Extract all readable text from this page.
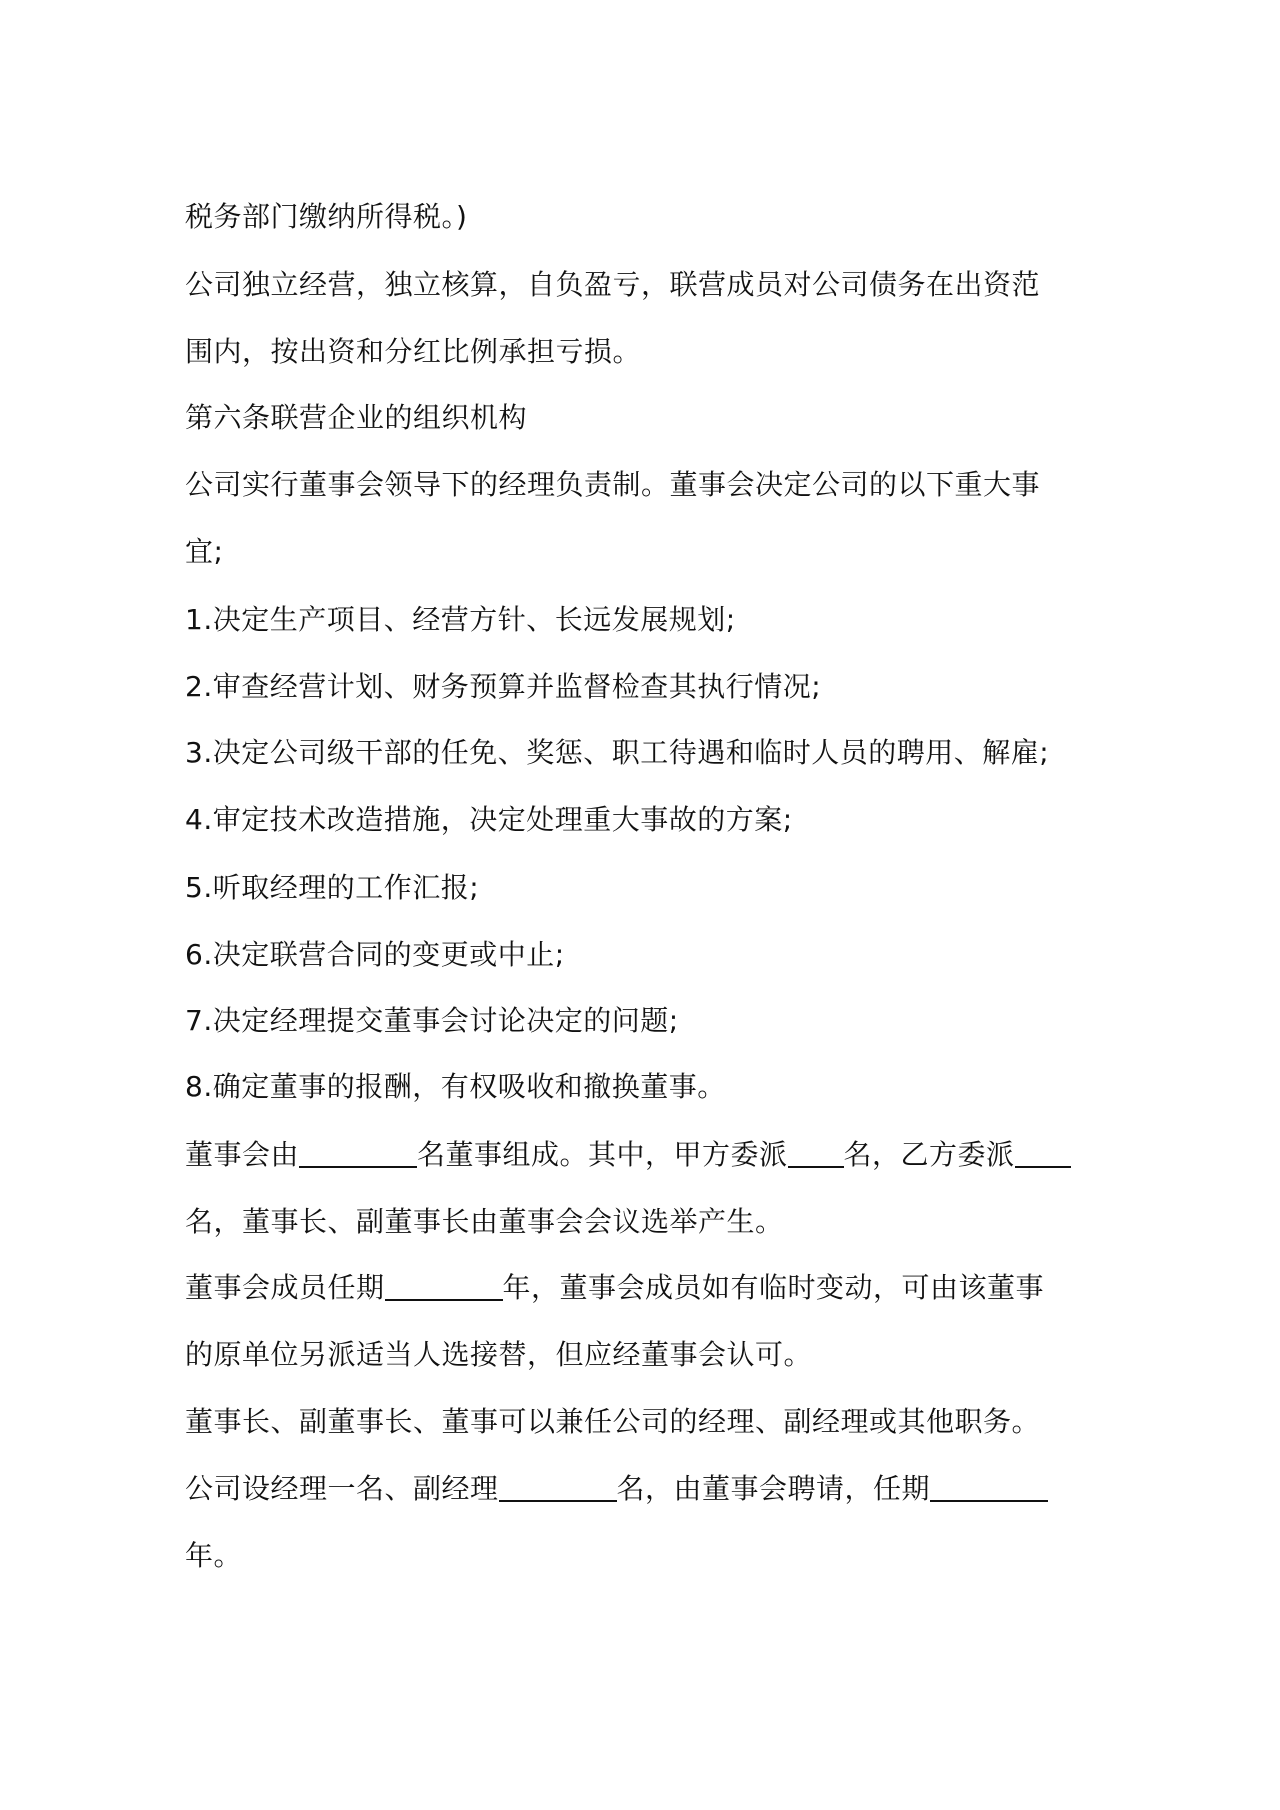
税务部门缴纳所得税。)
公司独立经营，独立核算，自负盈亏，联营成员对公司债务在出资范
围内，按出资和分红比例承担亏损。
第六条联营企业的组织机构
公司实行董事会领导下的经理负责制。董事会决定公司的以下重大事
宜;
1.决定生产项目、经营方针、长远发展规划;
2.审查经营计划、财务预算并监督检查其执行情况;
3.决定公司级干部的任免、奖惩、职工待遇和临时人员的聘用、解雇;
4.审定技术改造措施，决定处理重大事故的方案;
5.听取经理的工作汇报;
6.决定联营合同的变更或中止;
7.决定经理提交董事会讨论决定的问题;
8.确定董事的报酬，有权吸收和撤换董事。
董事会由	名董事组成。其中，甲方委派 名，乙方委派
名，董事长、副董事长由董事会会议选举产生。
董事会成员任期	年，董事会成员如有临时变动，可由该董事
的原单位另派适当人选接替，但应经董事会认可。
董事长、副董事长、董事可以兼任公司的经理、副经理或其他职务。
公司设经理一名、副经理	名，由董事会聘请，任期
年。
